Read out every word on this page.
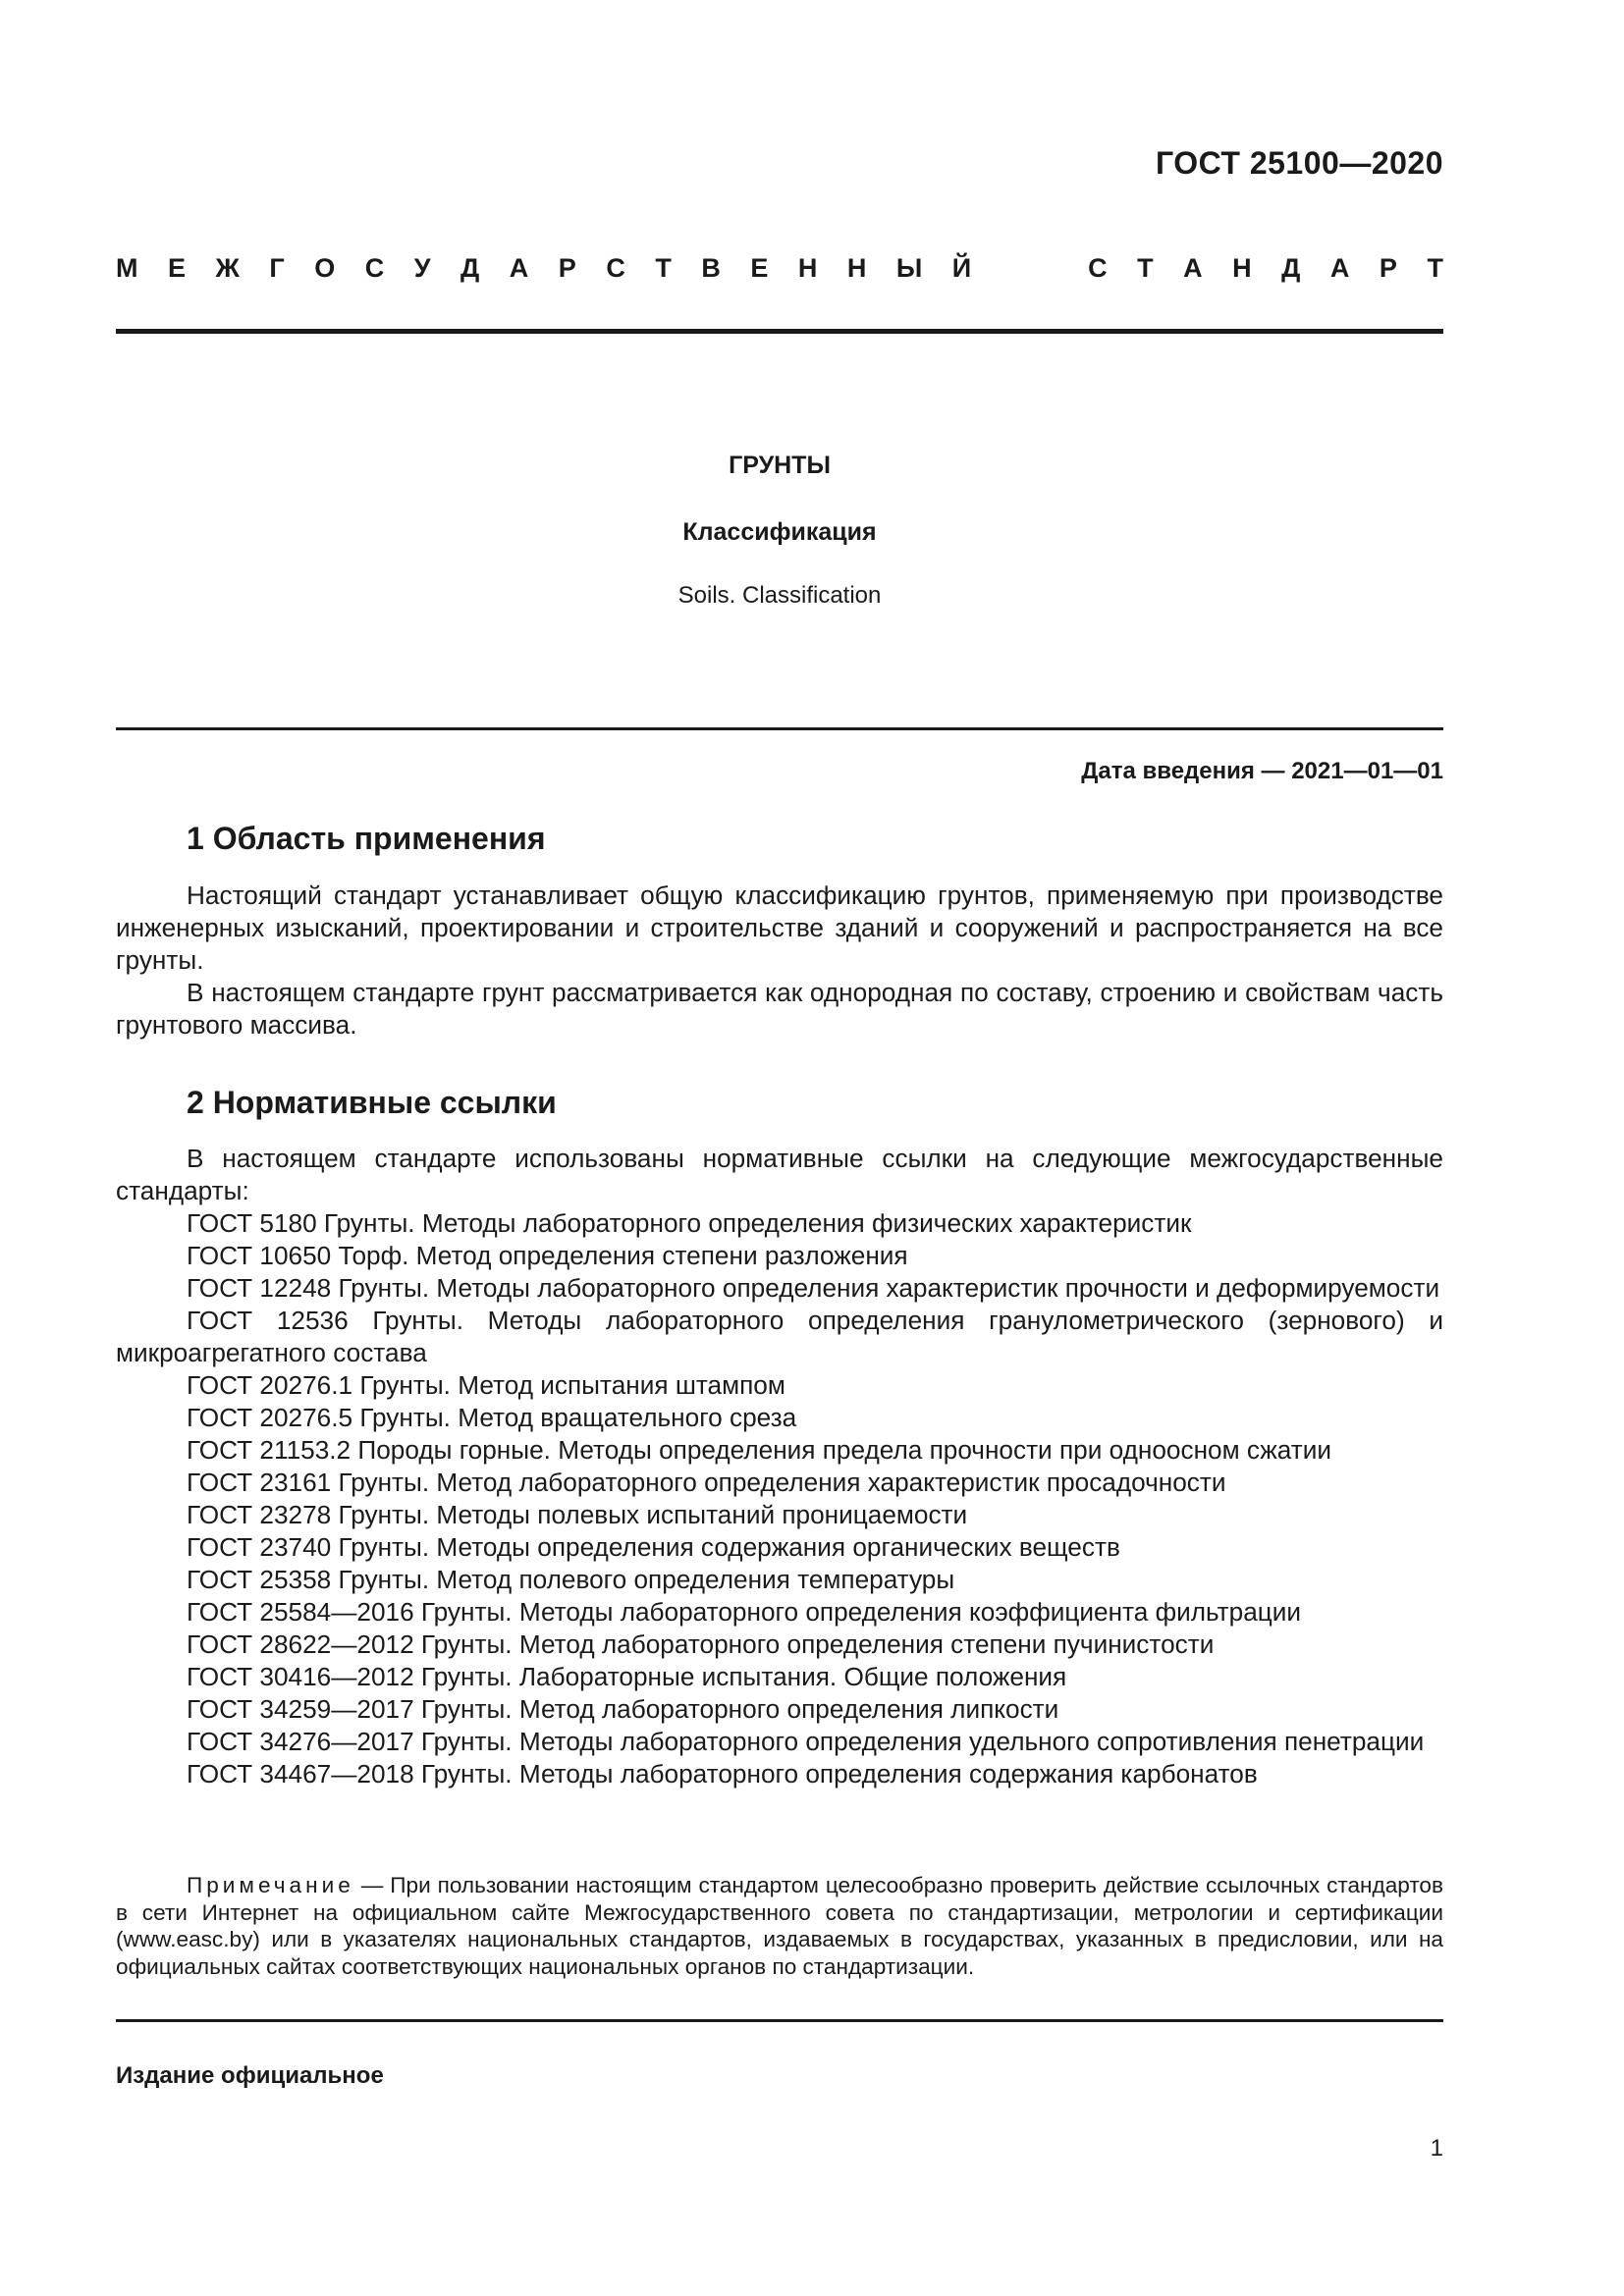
ГОСТ 25100—2020
М Е Ж Г О С У Д А Р С Т В Е Н Н Ы Й	С Т А Н Д А Р Т
ГРУНТЫ
Классификация
Soils. Classification
Дата введения — 2021—01—01
1 Область применения

Настоящий стандарт устанавливает общую классификацию грунтов, применяемую при производстве инженерных изысканий, проектировании и строительстве зданий и сооружений и распространяется на все грунты.

В настоящем стандарте грунт рассматривается как однородная по составу, строению и свойствам часть грунтового массива.

2 Нормативные ссылки

В настоящем стандарте использованы нормативные ссылки на следующие межгосударственные стандарты:

ГОСТ 5180 Грунты. Методы лабораторного определения физических характеристик

ГОСТ 10650 Торф. Метод определения степени разложения

ГОСТ 12248 Грунты. Методы лабораторного определения характеристик прочности и деформируемости

ГОСТ 12536 Грунты. Методы лабораторного определения гранулометрического (зернового) и микроагрегатного состава

ГОСТ 20276.1 Грунты. Метод испытания штампом

ГОСТ 20276.5 Грунты. Метод вращательного среза

ГОСТ 21153.2 Породы горные. Методы определения предела прочности при одноосном сжатии

ГОСТ 23161 Грунты. Метод лабораторного определения характеристик просадочности

ГОСТ 23278 Грунты. Методы полевых испытаний проницаемости

ГОСТ 23740 Грунты. Методы определения содержания органических веществ

ГОСТ 25358 Грунты. Метод полевого определения температуры

ГОСТ 25584—2016 Грунты. Методы лабораторного определения коэффициента фильтрации

ГОСТ 28622—2012 Грунты. Метод лабораторного определения степени пучинистости

ГОСТ 30416—2012 Грунты. Лабораторные испытания. Общие положения

ГОСТ 34259—2017 Грунты. Метод лабораторного определения липкости

ГОСТ 34276—2017 Грунты. Методы лабораторного определения удельного сопротивления пенетрации

ГОСТ 34467—2018 Грунты. Методы лабораторного определения содержания карбонатов

Примечание — При пользовании настоящим стандартом целесообразно проверить действие ссылочных стандартов в сети Интернет на официальном сайте Межгосударственного совета по стандартизации, метрологии и сертификации (www.easc.by) или в указателях национальных стандартов, издаваемых в государствах, указанных в предисловии, или на официальных сайтах соответствующих национальных органов по стандартизации.
Издание официальное
1
